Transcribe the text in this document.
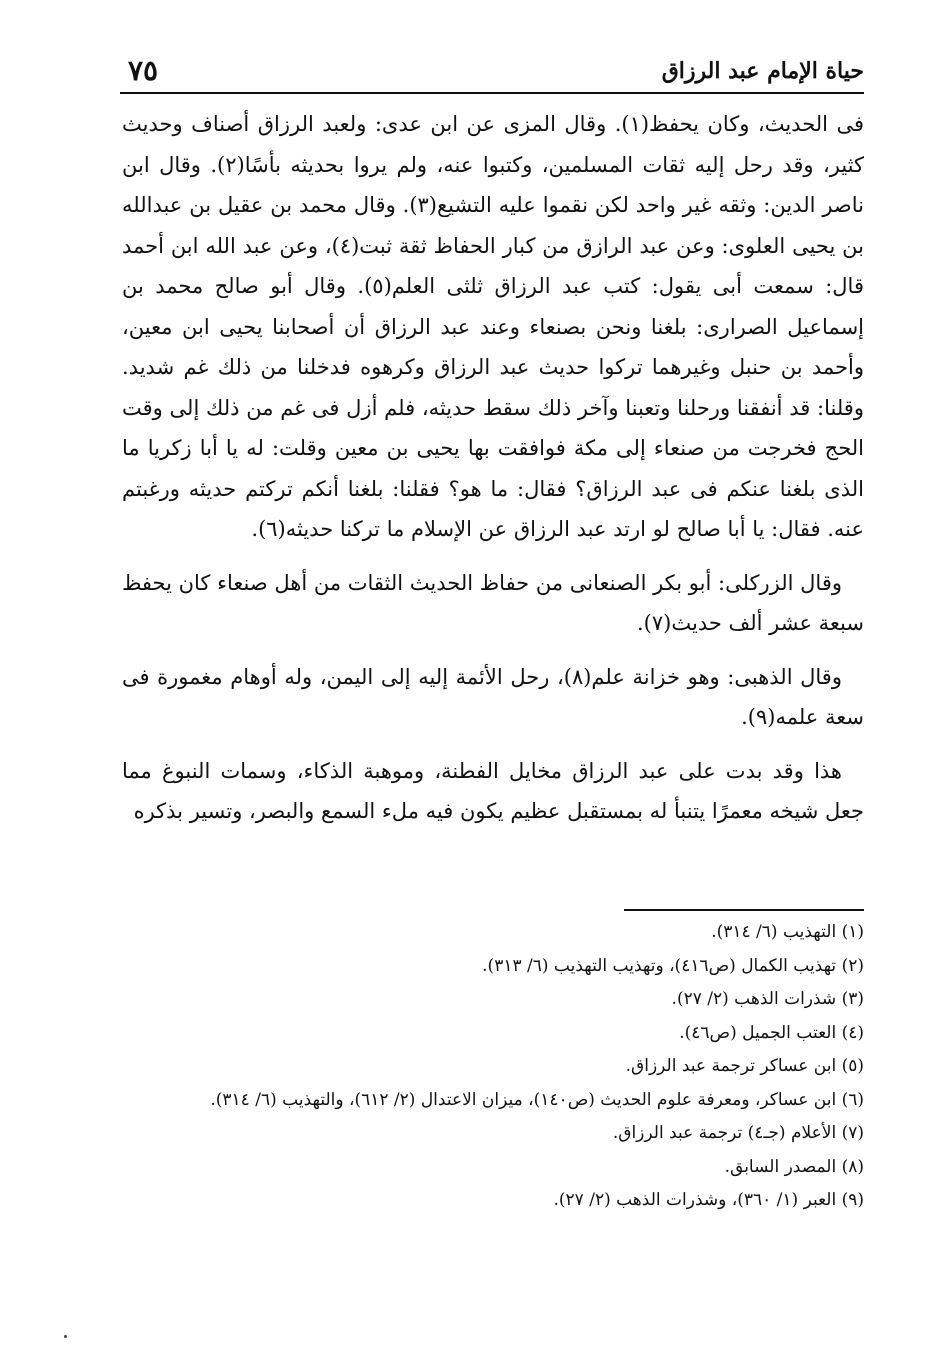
حياة الإمام عبد الرزاق
٧٥

فى الحديث، وكان يحفظ(١). وقال المزى عن ابن عدى: ولعبد الرزاق أصناف وحديث كثير، وقد رحل إليه ثقات المسلمين، وكتبوا عنه، ولم يروا بحديثه بأسًا(٢). وقال ابن ناصر الدين: وثقه غير واحد لكن نقموا عليه التشيع(٣). وقال محمد بن عقيل بن عبدالله بن يحيى العلوى: وعن عبد الرازق من كبار الحفاظ ثقة ثبت(٤)، وعن عبد الله ابن أحمد قال: سمعت أبى يقول: كتب عبد الرزاق ثلثى العلم(٥). وقال أبو صالح محمد بن إسماعيل الصرارى: بلغنا ونحن بصنعاء وعند عبد الرزاق أن أصحابنا يحيى ابن معين، وأحمد بن حنبل وغيرهما تركوا حديث عبد الرزاق وكرهوه فدخلنا من ذلك غم شديد. وقلنا: قد أنفقنا ورحلنا وتعبنا وآخر ذلك سقط حديثه، فلم أزل فى غم من ذلك إلى وقت الحج فخرجت من صنعاء إلى مكة فوافقت بها يحيى بن معين وقلت: له يا أبا زكريا ما الذى بلغنا عنكم فى عبد الرزاق؟ فقال: ما هو؟ فقلنا: بلغنا أنكم تركتم حديثه ورغبتم عنه. فقال: يا أبا صالح لو ارتد عبد الرزاق عن الإسلام ما تركنا حديثه(٦).

وقال الزركلى: أبو بكر الصنعانى من حفاظ الحديث الثقات من أهل صنعاء كان يحفظ سبعة عشر ألف حديث(٧).

وقال الذهبى: وهو خزانة علم(٨)، رحل الأئمة إليه إلى اليمن، وله أوهام مغمورة فى سعة علمه(٩).

هذا وقد بدت على عبد الرزاق مخايل الفطنة، وموهبة الذكاء، وسمات النبوغ مما جعل شيخه معمرًا يتنبأ له بمستقبل عظيم يكون فيه ملء السمع والبصر، وتسير بذكره

(١) التهذيب (٦/ ٣١٤).

(٢) تهذيب الكمال (ص٤١٦)، وتهذيب التهذيب (٦/ ٣١٣).

(٣) شذرات الذهب (٢/ ٢٧).

(٤) العتب الجميل (ص٤٦).

(٥) ابن عساكر ترجمة عبد الرزاق.

(٦) ابن عساكر، ومعرفة علوم الحديث (ص١٤٠)، ميزان الاعتدال (٢/ ٦١٢)، والتهذيب (٦/ ٣١٤).

(٧) الأعلام (جـ٤) ترجمة عبد الرزاق.

(٨) المصدر السابق.

(٩) العبر (١/ ٣٦٠)، وشذرات الذهب (٢/ ٢٧).
